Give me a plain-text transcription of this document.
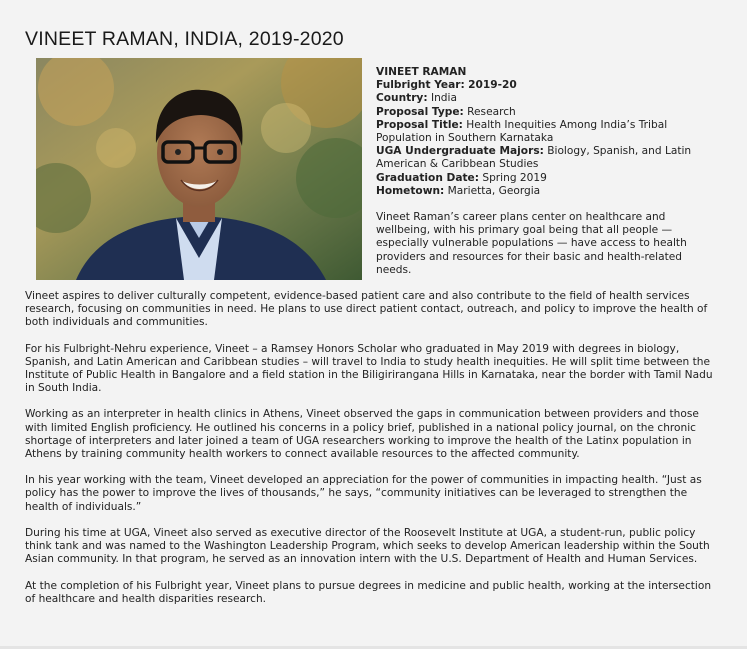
VINEET RAMAN, INDIA, 2019-2020
VINEET RAMAN
Fulbright Year: 2019-20
Country: India
Proposal Type: Research
Proposal Title: Health Inequities Among India’s Tribal Population in Southern Karnataka
UGA Undergraduate Majors: Biology, Spanish, and Latin American & Caribbean Studies
Graduation Date: Spring 2019
Hometown: Marietta, Georgia

Vineet Raman’s career plans center on healthcare and wellbeing, with his primary goal being that all people — especially vulnerable populations — have access to health providers and resources for their basic and health-related needs.

Vineet aspires to deliver culturally competent, evidence-based patient care and also contribute to the field of health services research, focusing on communities in need. He plans to use direct patient contact, outreach, and policy to improve the health of both individuals and communities.

For his Fulbright-Nehru experience, Vineet – a Ramsey Honors Scholar who graduated in May 2019 with degrees in biology, Spanish, and Latin American and Caribbean studies – will travel to India to study health inequities. He will split time between the Institute of Public Health in Bangalore and a field station in the Biligirirangana Hills in Karnataka, near the border with Tamil Nadu in South India.

Working as an interpreter in health clinics in Athens, Vineet observed the gaps in communication between providers and those with limited English proficiency. He outlined his concerns in a policy brief, published in a national policy journal, on the chronic shortage of interpreters and later joined a team of UGA researchers working to improve the health of the Latinx population in Athens by training community health workers to connect available resources to the affected community.

In his year working with the team, Vineet developed an appreciation for the power of communities in impacting health. “Just as policy has the power to improve the lives of thousands,” he says, “community initiatives can be leveraged to strengthen the health of individuals.”

During his time at UGA, Vineet also served as executive director of the Roosevelt Institute at UGA, a student-run, public policy think tank and was named to the Washington Leadership Program, which seeks to develop American leadership within the South Asian community. In that program, he served as an innovation intern with the U.S. Department of Health and Human Services.

At the completion of his Fulbright year, Vineet plans to pursue degrees in medicine and public health, working at the intersection of healthcare and health disparities research.
